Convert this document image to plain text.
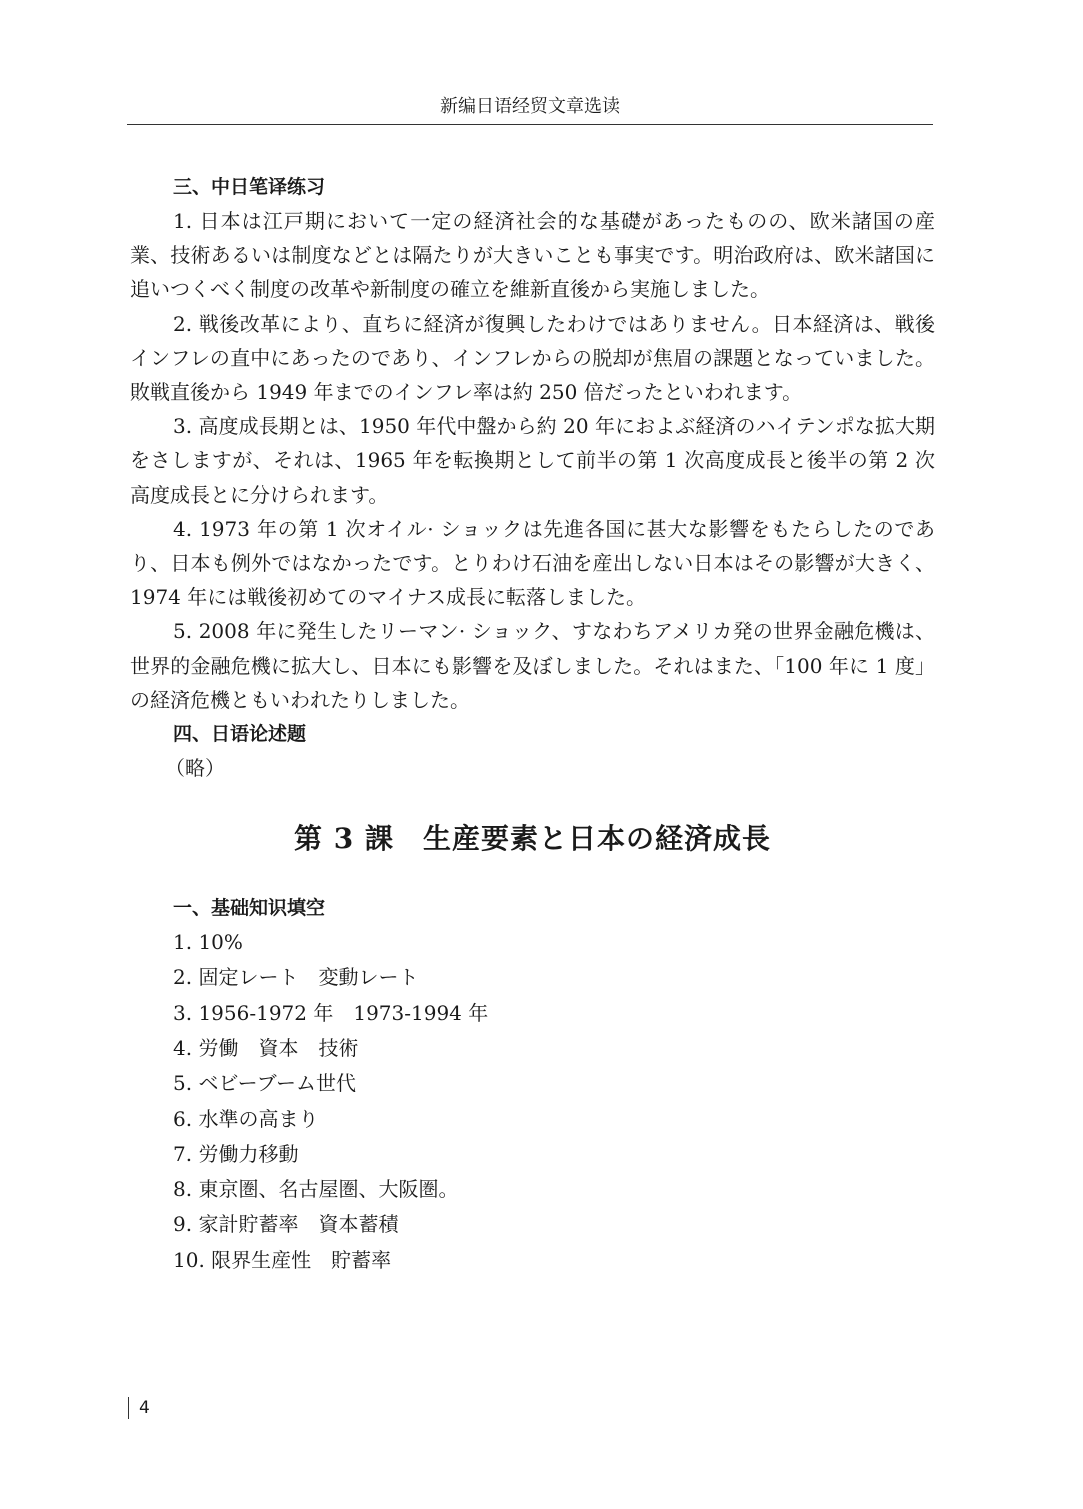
新编日语经贸文章选读

三、中日笔译练习

1. 日本は江戸期において一定の経済社会的な基礎があったものの、欧米諸国の産業、技術あるいは制度などとは隔たりが大きいことも事実です。明治政府は、欧米諸国に追いつくべく制度の改革や新制度の確立を維新直後から実施しました。

2. 戦後改革により、直ちに経済が復興したわけではありません。日本経済は、戦後インフレの直中にあったのであり、インフレからの脱却が焦眉の課題となっていました。敗戦直後から 1949 年までのインフレ率は約 250 倍だったといわれます。

3. 高度成長期とは、1950 年代中盤から約 20 年におよぶ経済のハイテンポな拡大期をさしますが、それは、1965 年を転換期として前半の第 1 次高度成長と後半の第 2 次高度成長とに分けられます。

4. 1973 年の第 1 次オイル· ショックは先進各国に甚大な影響をもたらしたのであり、日本も例外ではなかったです。とりわけ石油を産出しない日本はその影響が大きく、1974 年には戦後初めてのマイナス成長に転落しました。

5. 2008 年に発生したリーマン· ショック、すなわちアメリカ発の世界金融危機は、世界的金融危機に拡大し、日本にも影響を及ぼしました。それはまた、「100 年に 1 度」の経済危機ともいわれたりしました。

四、日语论述题

（略）

第 3 課　生産要素と日本の経済成長

一、基础知识填空

1. 10%
2. 固定レート　変動レート
3. 1956-1972 年　1973-1994 年
4. 労働　資本　技術
5. ベビーブーム世代
6. 水準の高まり
7. 労働力移動
8. 東京圏、名古屋圏、大阪圏。
9. 家計貯蓄率　資本蓄積
10. 限界生産性　貯蓄率
4
